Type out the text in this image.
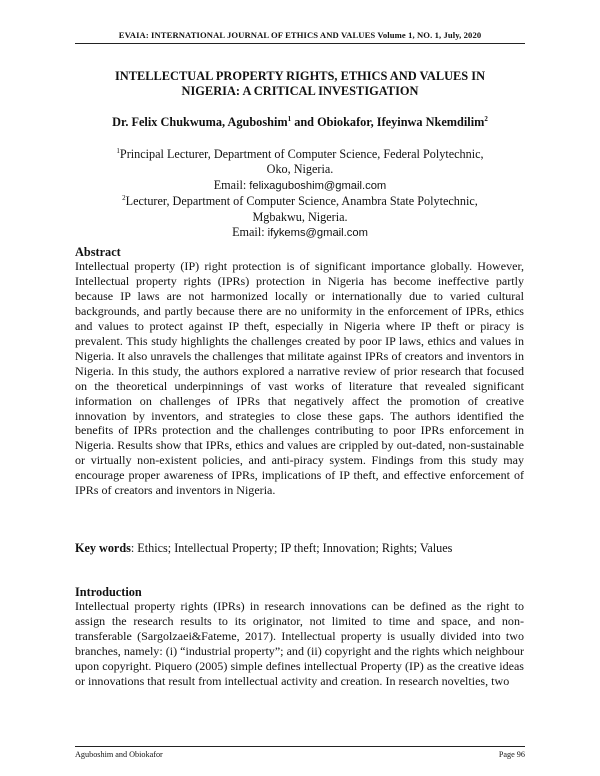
EVAIA: INTERNATIONAL JOURNAL OF ETHICS AND VALUES Volume 1, NO. 1, July, 2020
INTELLECTUAL PROPERTY RIGHTS, ETHICS AND VALUES IN
NIGERIA: A CRITICAL INVESTIGATION
Dr. Felix Chukwuma, Aguboshim$^1$ and Obiokafor, Ifeyinwa Nkemdilim$^2$
$^1$Principal Lecturer, Department of Computer Science, Federal Polytechnic,
Oko, Nigeria.
Email: felixaguboshim@gmail.com
$^2$Lecturer, Department of Computer Science, Anambra State Polytechnic,
Mgbakwu, Nigeria.
Email: ifykems@gmail.com
Abstract
Intellectual property (IP) right protection is of significant importance globally. However, Intellectual property rights (IPRs) protection in Nigeria has become ineffective partly because IP laws are not harmonized locally or internationally due to varied cultural backgrounds, and partly because there are no uniformity in the enforcement of IPRs, ethics and values to protect against IP theft, especially in Nigeria where IP theft or piracy is prevalent. This study highlights the challenges created by poor IP laws, ethics and values in Nigeria. It also unravels the challenges that militate against IPRs of creators and inventors in Nigeria. In this study, the authors explored a narrative review of prior research that focused on the theoretical underpinnings of vast works of literature that revealed significant information on challenges of IPRs that negatively affect the promotion of creative innovation by inventors, and strategies to close these gaps. The authors identified the benefits of IPRs protection and the challenges contributing to poor IPRs enforcement in Nigeria. Results show that IPRs, ethics and values are crippled by out-dated, non-sustainable or virtually non-existent policies, and anti-piracy system. Findings from this study may encourage proper awareness of IPRs, implications of IP theft, and effective enforcement of IPRs of creators and inventors in Nigeria.
Key words: Ethics; Intellectual Property; IP theft; Innovation; Rights; Values
Introduction
Intellectual property rights (IPRs) in research innovations can be defined as the right to assign the research results to its originator, not limited to time and space, and non-transferable (Sargolzaei&Fateme, 2017). Intellectual property is usually divided into two branches, namely: (i) “industrial property”; and (ii) copyright and the rights which neighbour upon copyright. Piquero (2005) simple defines intellectual Property (IP) as the creative ideas or innovations that result from intellectual activity and creation. In research novelties, two
Aguboshim and Obiokafor	Page 96
